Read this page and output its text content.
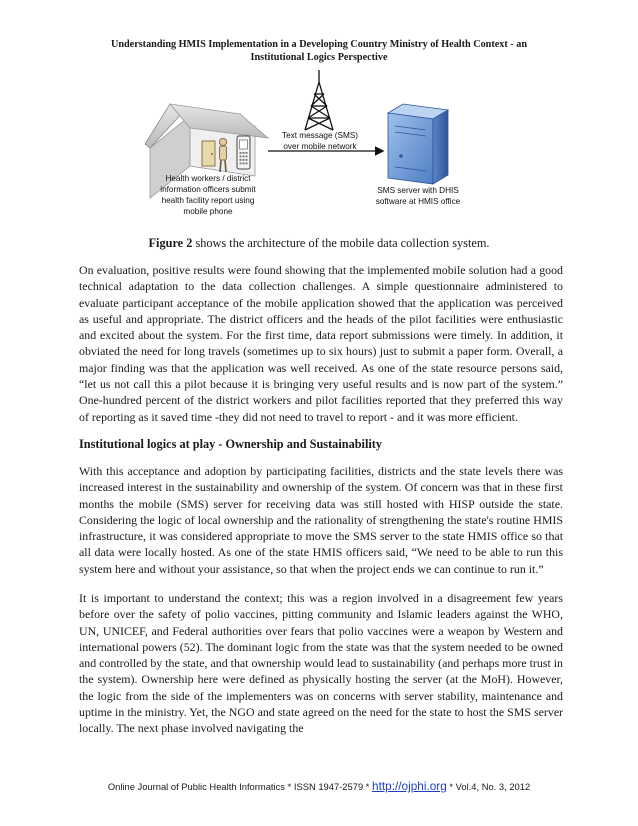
Understanding HMIS Implementation in a Developing Country Ministry of Health Context - an
Institutional Logics Perspective
Text message (SMS)
over mobile network
Health workers / district
information officers submit
health facility report using
mobile phone
SMS server with DHIS
software at HMIS office
Figure 2 shows the architecture of the mobile data collection system.
On evaluation, positive results were found showing that the implemented mobile solution had a good technical adaptation to the data collection challenges. A simple questionnaire administered to evaluate participant acceptance of the mobile application showed that the application was perceived as useful and appropriate. The district officers and the heads of the pilot facilities were enthusiastic and excited about the system. For the first time, data report submissions were timely. In addition, it obviated the need for long travels (sometimes up to six hours) just to submit a paper form. Overall, a major finding was that the application was well received. As one of the state resource persons said, “let us not call this a pilot because it is bringing very useful results and is now part of the system.” One-hundred percent of the district workers and pilot facilities reported that they preferred this way of reporting as it saved time -they did not need to travel to report - and it was more efficient.
Institutional logics at play - Ownership and Sustainability
With this acceptance and adoption by participating facilities, districts and the state levels there was increased interest in the sustainability and ownership of the system. Of concern was that in these first months the mobile (SMS) server for receiving data was still hosted with HISP outside the state. Considering the logic of local ownership and the rationality of strengthening the state's routine HMIS infrastructure, it was considered appropriate to move the SMS server to the state HMIS office so that all data were locally hosted. As one of the state HMIS officers said, “We need to be able to run this system here and without your assistance, so that when the project ends we can continue to run it.”
It is important to understand the context; this was a region involved in a disagreement few years before over the safety of polio vaccines, pitting community and Islamic leaders against the WHO, UN, UNICEF, and Federal authorities over fears that polio vaccines were a weapon by Western and international powers (52). The dominant logic from the state was that the system needed to be owned and controlled by the state, and that ownership would lead to sustainability (and perhaps more trust in the system). Ownership here were defined as physically hosting the server (at the MoH). However, the logic from the side of the implementers was on concerns with server stability, maintenance and uptime in the ministry. Yet, the NGO and state agreed on the need for the state to host the SMS server locally. The next phase involved navigating the
Online Journal of Public Health Informatics * ISSN 1947-2579 * http://ojphi.org * Vol.4, No. 3, 2012
